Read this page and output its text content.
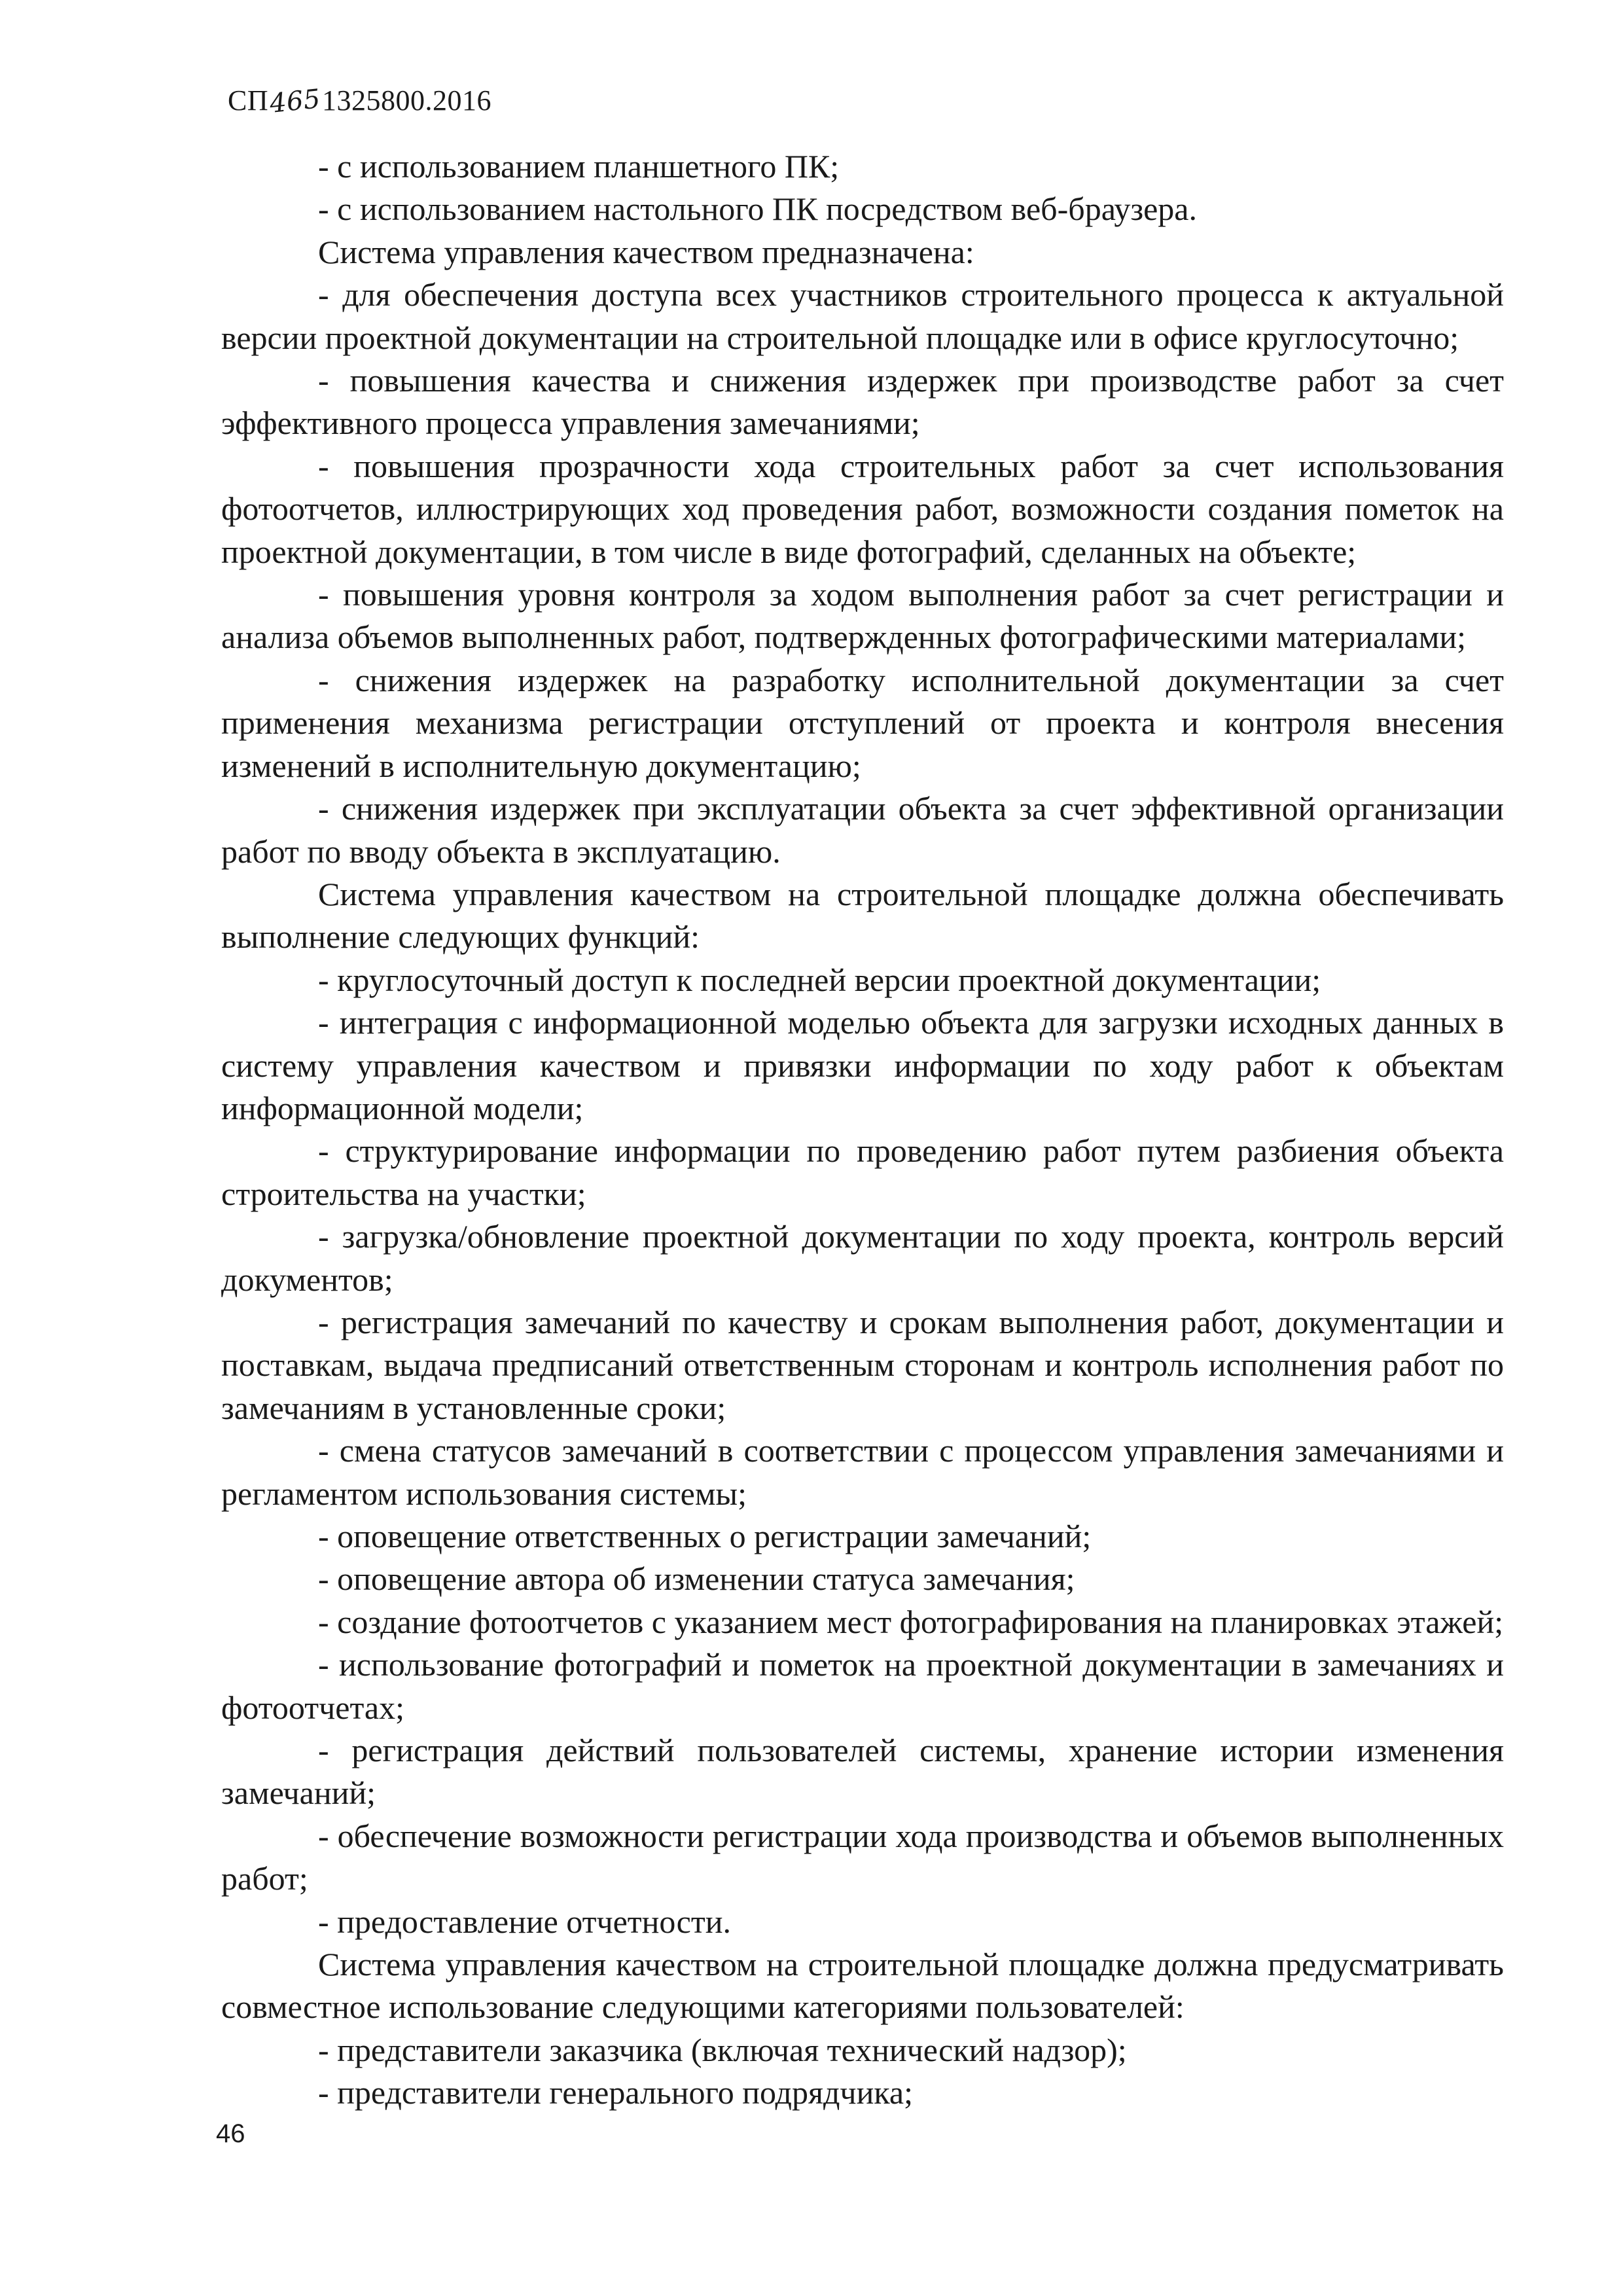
СП4651325800.2016

- с использованием планшетного ПК;

- с использованием настольного ПК посредством веб-браузера.

Система управления качеством предназначена:

- для обеспечения доступа всех участников строительного процесса к актуальной версии проектной документации на строительной площадке или в офисе круглосуточно;

- повышения качества и снижения издержек при производстве работ за счет эффективного процесса управления замечаниями;

- повышения прозрачности хода строительных работ за счет использования фотоотчетов, иллюстрирующих ход проведения работ, возможности создания пометок на проектной документации, в том числе в виде фотографий, сделанных на объекте;

- повышения уровня контроля за ходом выполнения работ за счет регистрации и анализа объемов выполненных работ, подтвержденных фотографическими материалами;

- снижения издержек на разработку исполнительной документации за счет применения механизма регистрации отступлений от проекта и контроля внесения изменений в исполнительную документацию;

- снижения издержек при эксплуатации объекта за счет эффективной организации работ по вводу объекта в эксплуатацию.

Система управления качеством на строительной площадке должна обеспечивать выполнение следующих функций:

- круглосуточный доступ к последней версии проектной документации;

- интеграция с информационной моделью объекта для загрузки исходных данных в систему управления качеством и привязки информации по ходу работ к объектам информационной модели;

- структурирование информации по проведению работ путем разбиения объекта строительства на участки;

- загрузка/обновление проектной документации по ходу проекта, контроль версий документов;

- регистрация замечаний по качеству и срокам выполнения работ, документации и поставкам, выдача предписаний ответственным сторонам и контроль исполнения работ по замечаниям в установленные сроки;

- смена статусов замечаний в соответствии с процессом управления замечаниями и регламентом использования системы;

- оповещение ответственных о регистрации замечаний;

- оповещение автора об изменении статуса замечания;

- создание фотоотчетов с указанием мест фотографирования на планировках этажей;

- использование фотографий и пометок на проектной документации в замечаниях и фотоотчетах;

- регистрация действий пользователей системы, хранение истории изменения замечаний;

- обеспечение возможности регистрации хода производства и объемов выполненных работ;

- предоставление отчетности.

Система управления качеством на строительной площадке должна предусматривать совместное использование следующими категориями пользователей:

- представители заказчика (включая технический надзор);

- представители генерального подрядчика;

46
